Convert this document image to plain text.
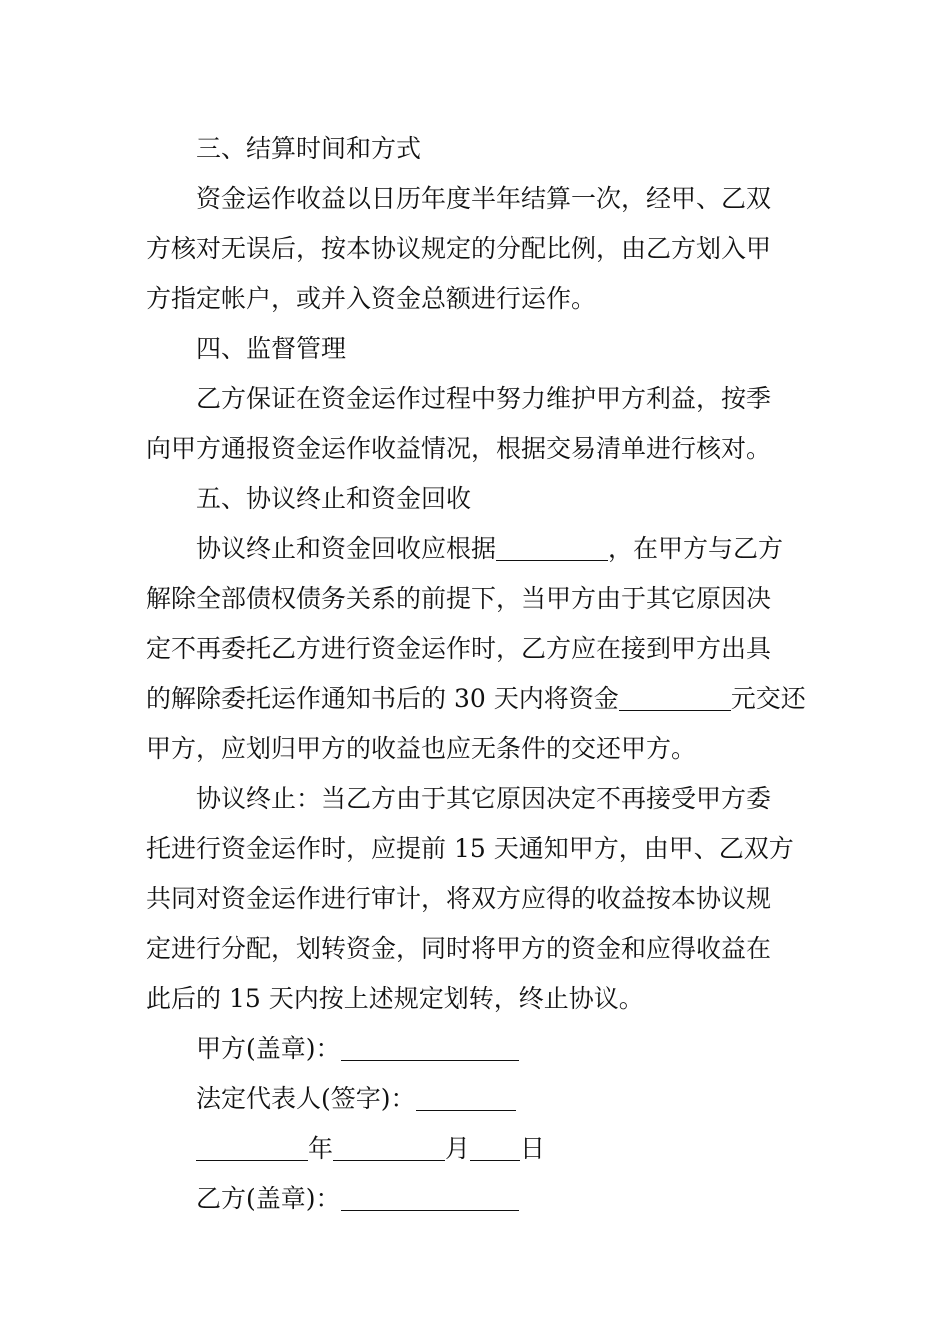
三、结算时间和方式
资金运作收益以日历年度半年结算一次，经甲、乙双
方核对无误后，按本协议规定的分配比例，由乙方划入甲
方指定帐户，或并入资金总额进行运作。
四、监督管理
乙方保证在资金运作过程中努力维护甲方利益，按季
向甲方通报资金运作收益情况，根据交易清单进行核对。
五、协议终止和资金回收
协议终止和资金回收应根据	，在甲方与乙方
解除全部债权债务关系的前提下，当甲方由于其它原因决
定不再委托乙方进行资金运作时，乙方应在接到甲方出具
的解除委托运作通知书后的 30 天内将资金	元交还
甲方，应划归甲方的收益也应无条件的交还甲方。
协议终止：当乙方由于其它原因决定不再接受甲方委
托进行资金运作时，应提前 15 天通知甲方，由甲、乙双方
共同对资金运作进行审计，将双方应得的收益按本协议规
定进行分配，划转资金，同时将甲方的资金和应得收益在
此后的 15 天内按上述规定划转，终止协议。
甲方(盖章)：
法定代表人(签字)：
年	月 日
乙方(盖章)：
